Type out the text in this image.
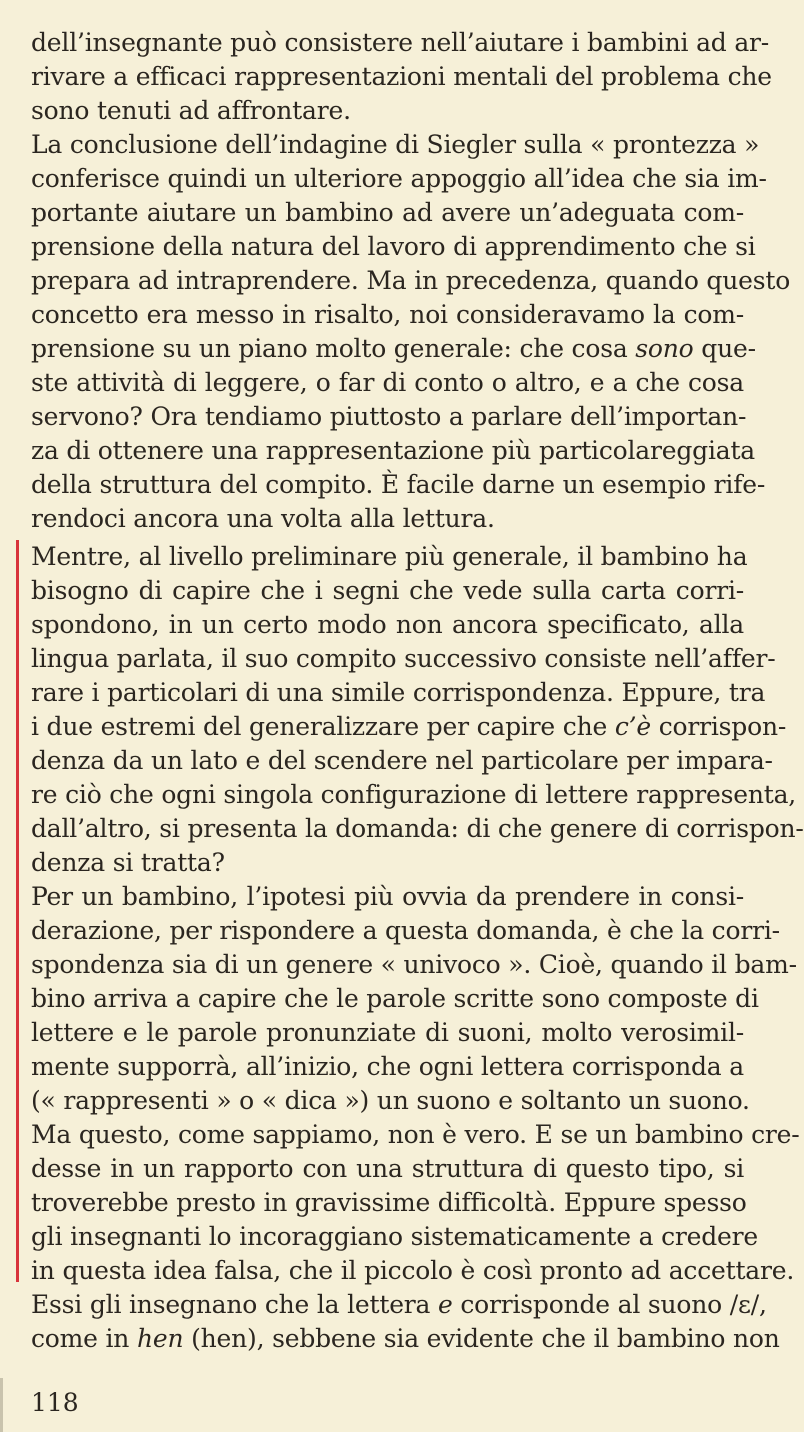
dell’insegnante può consistere nell’aiutare i bambini ad ar-
rivare a efficaci rappresentazioni mentali del problema che
sono tenuti ad affrontare.
La conclusione dell’indagine di Siegler sulla « prontezza »
conferisce quindi un ulteriore appoggio all’idea che sia im-
portante aiutare un bambino ad avere un’adeguata com-
prensione della natura del lavoro di apprendimento che si
prepara ad intraprendere. Ma in precedenza, quando questo
concetto era messo in risalto, noi consideravamo la com-
prensione su un piano molto generale: che cosa sono que-
ste attività di leggere, o far di conto o altro, e a che cosa
servono? Ora tendiamo piuttosto a parlare dell’importan-
za di ottenere una rappresentazione più particolareggiata
della struttura del compito. È facile darne un esempio rife-
rendoci ancora una volta alla lettura.
Mentre, al livello preliminare più generale, il bambino ha
bisogno di capire che i segni che vede sulla carta corri-
spondono, in un certo modo non ancora specificato, alla
lingua parlata, il suo compito successivo consiste nell’affer-
rare i particolari di una simile corrispondenza. Eppure, tra
i due estremi del generalizzare per capire che c’è corrispon-
denza da un lato e del scendere nel particolare per impara-
re ciò che ogni singola configurazione di lettere rappresenta,
dall’altro, si presenta la domanda: di che genere di corrispon-
denza si tratta?
Per un bambino, l’ipotesi più ovvia da prendere in consi-
derazione, per rispondere a questa domanda, è che la corri-
spondenza sia di un genere « univoco ». Cioè, quando il bam-
bino arriva a capire che le parole scritte sono composte di
lettere e le parole pronunziate di suoni, molto verosimil-
mente supporrà, all’inizio, che ogni lettera corrisponda a
(« rappresenti » o « dica ») un suono e soltanto un suono.
Ma questo, come sappiamo, non è vero. E se un bambino cre-
desse in un rapporto con una struttura di questo tipo, si
troverebbe presto in gravissime difficoltà. Eppure spesso
gli insegnanti lo incoraggiano sistematicamente a credere
in questa idea falsa, che il piccolo è così pronto ad accettare.
Essi gli insegnano che la lettera e corrisponde al suono /ɛ/,
come in hen (hen), sebbene sia evidente che il bambino non
118
